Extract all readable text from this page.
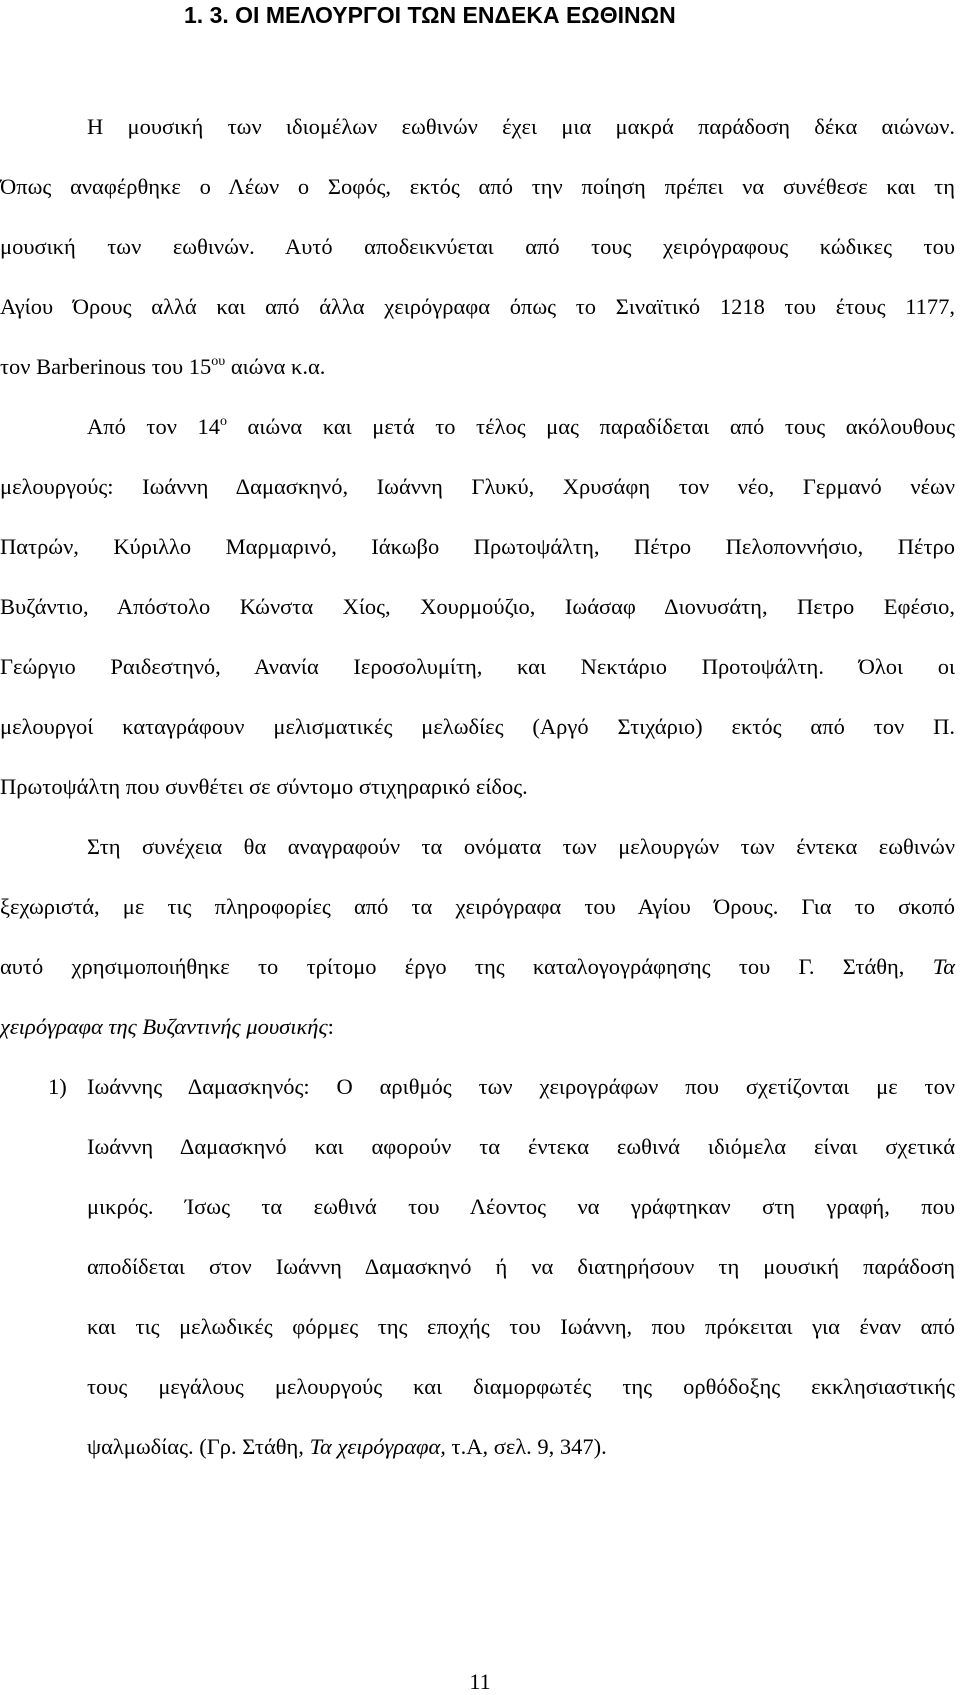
1. 3. ΟΙ ΜΕΛΟΥΡΓΟΙ ΤΩΝ ΕΝΔΕΚΑ ΕΩΘΙΝΩΝ
Η μουσική των ιδιομέλων εωθινών έχει μια μακρά παράδοση δέκα αιώνων.
Όπως αναφέρθηκε ο Λέων ο Σοφός, εκτός από την ποίηση πρέπει να συνέθεσε και τη
μουσική των εωθινών. Αυτό αποδεικνύεται από τους χειρόγραφους κώδικες του
Αγίου Όρους αλλά και από άλλα χειρόγραφα όπως το Σιναϊτικό 1218 του έτους 1177,
τον Barberinous του $15^{o\upsilon}$ αιώνα κ.α.
Από τον $14^o$ αιώνα και μετά το τέλος μας παραδίδεται από τους ακόλουθους
μελουργούς: Ιωάννη Δαμασκηνό, Ιωάννη Γλυκύ, Χρυσάφη τον νέο, Γερμανό νέων
Πατρών, Κύριλλο Μαρμαρινό, Ιάκωβο Πρωτοψάλτη, Πέτρο Πελοποννήσιο, Πέτρο
Βυζάντιο, Απόστολο Κώνστα Χίος, Χουρμούζιο, Ιωάσαφ Διονυσάτη, Πετρο Εφέσιο,
Γεώργιο Ραιδεστηνό, Ανανία Ιεροσολυμίτη, και Νεκτάριο Προτοψάλτη. Όλοι οι
μελουργοί καταγράφουν μελισματικές μελωδίες (Αργό Στιχάριο) εκτός από τον Π.
Πρωτοψάλτη που συνθέτει σε σύντομο στιχηραρικό είδος.
Στη συνέχεια θα αναγραφούν τα ονόματα των μελουργών των έντεκα εωθινών
ξεχωριστά, με τις πληροφορίες από τα χειρόγραφα του Αγίου Όρους. Για το σκοπό
αυτό χρησιμοποιήθηκε το τρίτομο έργο της καταλογογράφησης του Γ. Στάθη, Τα
χειρόγραφα της Βυζαντινής μουσικής:
1) Ιωάννης Δαμασκηνός: Ο αριθμός των χειρογράφων που σχετίζονται με τον
Ιωάννη Δαμασκηνό και αφορούν τα έντεκα εωθινά ιδιόμελα είναι σχετικά
μικρός. Ίσως τα εωθινά του Λέοντος να γράφτηκαν στη γραφή, που
αποδίδεται στον Ιωάννη Δαμασκηνό ή να διατηρήσουν τη μουσική παράδοση
και τις μελωδικές φόρμες της εποχής του Ιωάννη, που πρόκειται για έναν από
τους μεγάλους μελουργούς και διαμορφωτές της ορθόδοξης εκκλησιαστικής
ψαλμωδίας. (Γρ. Στάθη, Τα χειρόγραφα, τ.Α, σελ. 9, 347).
11
